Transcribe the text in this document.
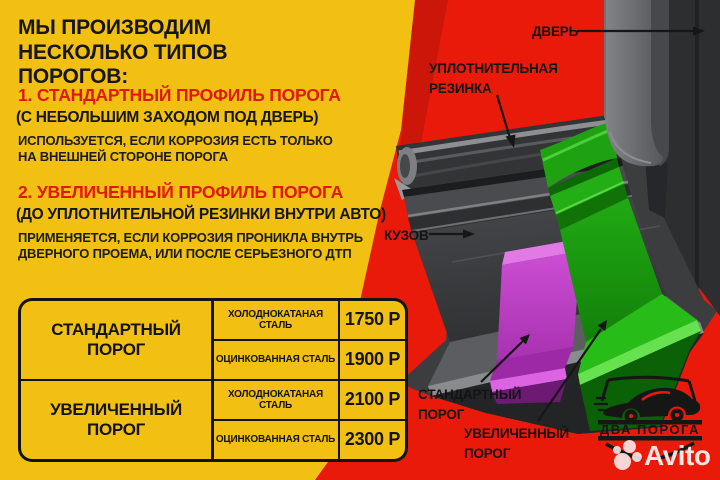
МЫ ПРОИЗВОДИМ НЕСКОЛЬКО ТИПОВ ПОРОГОВ:
1. СТАНДАРТНЫЙ ПРОФИЛЬ ПОРОГА
(С НЕБОЛЬШИМ ЗАХОДОМ ПОД ДВЕРЬ)
ИСПОЛЬЗУЕТСЯ, ЕСЛИ КОРРОЗИЯ ЕСТЬ ТОЛЬКО
НА ВНЕШНЕЙ СТОРОНЕ ПОРОГА
2. УВЕЛИЧЕННЫЙ ПРОФИЛЬ ПОРОГА
(ДО УПЛОТНИТЕЛЬНОЙ РЕЗИНКИ ВНУТРИ АВТО)
ПРИМЕНЯЕТСЯ, ЕСЛИ КОРРОЗИЯ ПРОНИКЛА ВНУТРЬ
ДВЕРНОГО ПРОЕМА, ИЛИ ПОСЛЕ СЕРЬЕЗНОГО ДТП
СТАНДАРТНЫЙ ПОРОГ
ХОЛОДНОКАТАНАЯ СТАЛЬ	1750 Р
ОЦИНКОВАННАЯ СТАЛЬ 1900 Р
УВЕЛИЧЕННЫЙ ПОРОГ
ХОЛОДНОКАТАНАЯ СТАЛЬ	2100 Р
ОЦИНКОВАННАЯ СТАЛЬ 2300 Р
ДВЕРЬ
УПЛОТНИТЕЛЬНАЯ
РЕЗИНКА
КУЗОВ
СТАНДАРТНЫЙ
ПОРОГ
УВЕЛИЧЕННЫЙ
ПОРОГ
ДВА ПОРОГА
Avito
